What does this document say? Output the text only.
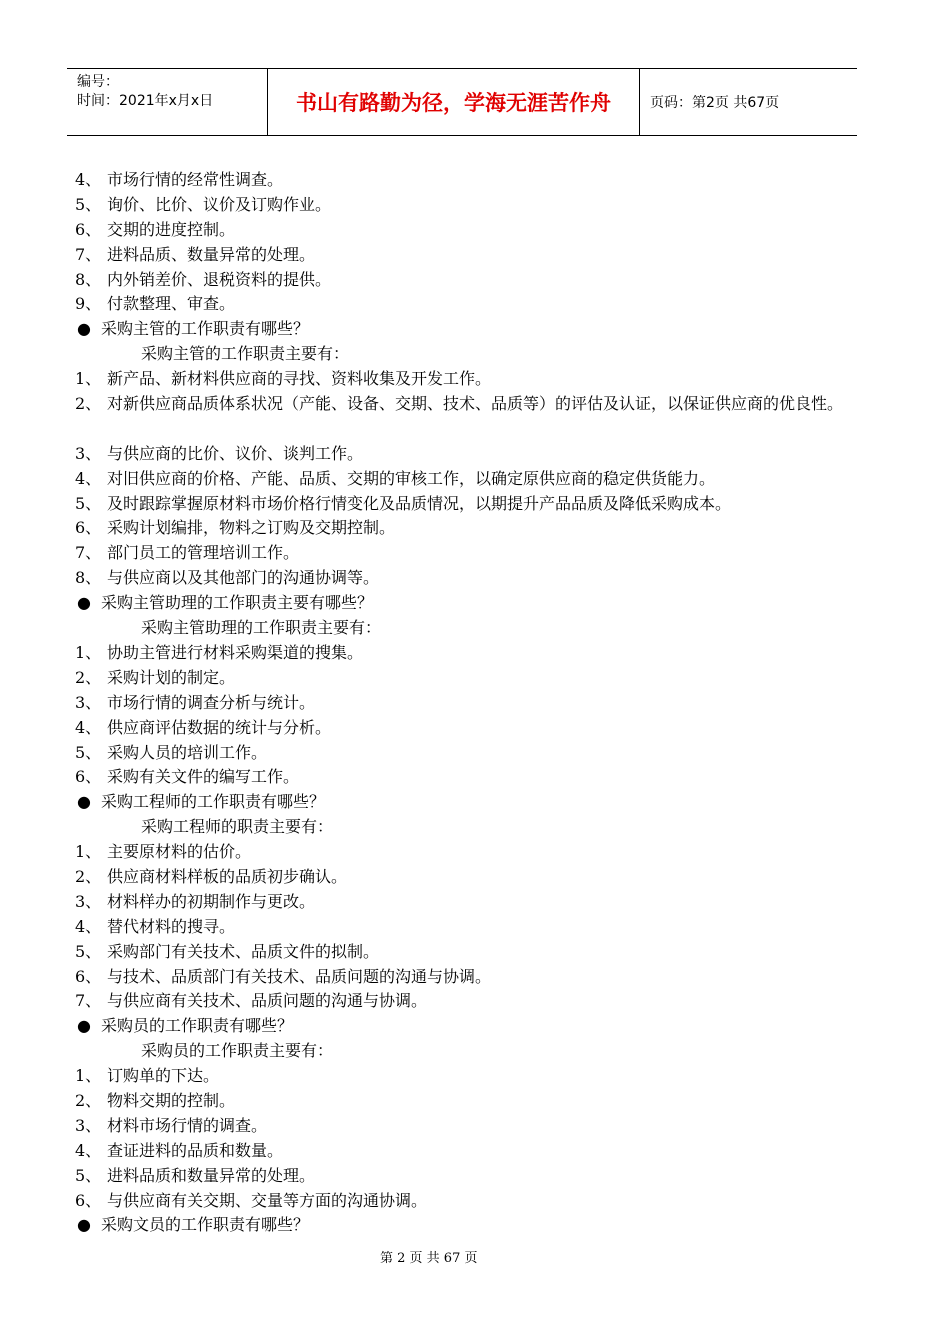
编号：
时间：2021年x月x日	书山有路勤为径，学海无涯苦作舟	页码：第2页 共67页
4、 市场行情的经常性调查。
5、 询价、比价、议价及订购作业。
6、 交期的进度控制。
7、 进料品质、数量异常的处理。
8、 内外销差价、退税资料的提供。
9、 付款整理、审查。
● 采购主管的工作职责有哪些？
采购主管的工作职责主要有：
1、 新产品、新材料供应商的寻找、资料收集及开发工作。
2、 对新供应商品质体系状况（产能、设备、交期、技术、品质等）的评估及认证，以保证供应商的优良性。
3、 与供应商的比价、议价、谈判工作。
4、 对旧供应商的价格、产能、品质、交期的审核工作，以确定原供应商的稳定供货能力。
5、 及时跟踪掌握原材料市场价格行情变化及品质情况，以期提升产品品质及降低采购成本。
6、 采购计划编排，物料之订购及交期控制。
7、 部门员工的管理培训工作。
8、 与供应商以及其他部门的沟通协调等。
● 采购主管助理的工作职责主要有哪些？
采购主管助理的工作职责主要有：
1、 协助主管进行材料采购渠道的搜集。
2、 采购计划的制定。
3、 市场行情的调查分析与统计。
4、 供应商评估数据的统计与分析。
5、 采购人员的培训工作。
6、 采购有关文件的编写工作。
● 采购工程师的工作职责有哪些？
采购工程师的职责主要有：
1、 主要原材料的估价。
2、 供应商材料样板的品质初步确认。
3、 材料样办的初期制作与更改。
4、 替代材料的搜寻。
5、 采购部门有关技术、品质文件的拟制。
6、 与技术、品质部门有关技术、品质问题的沟通与协调。
7、 与供应商有关技术、品质问题的沟通与协调。
● 采购员的工作职责有哪些？
采购员的工作职责主要有：
1、 订购单的下达。
2、 物料交期的控制。
3、 材料市场行情的调查。
4、 查证进料的品质和数量。
5、 进料品质和数量异常的处理。
6、 与供应商有关交期、交量等方面的沟通协调。
● 采购文员的工作职责有哪些？
第 2 页 共 67 页
